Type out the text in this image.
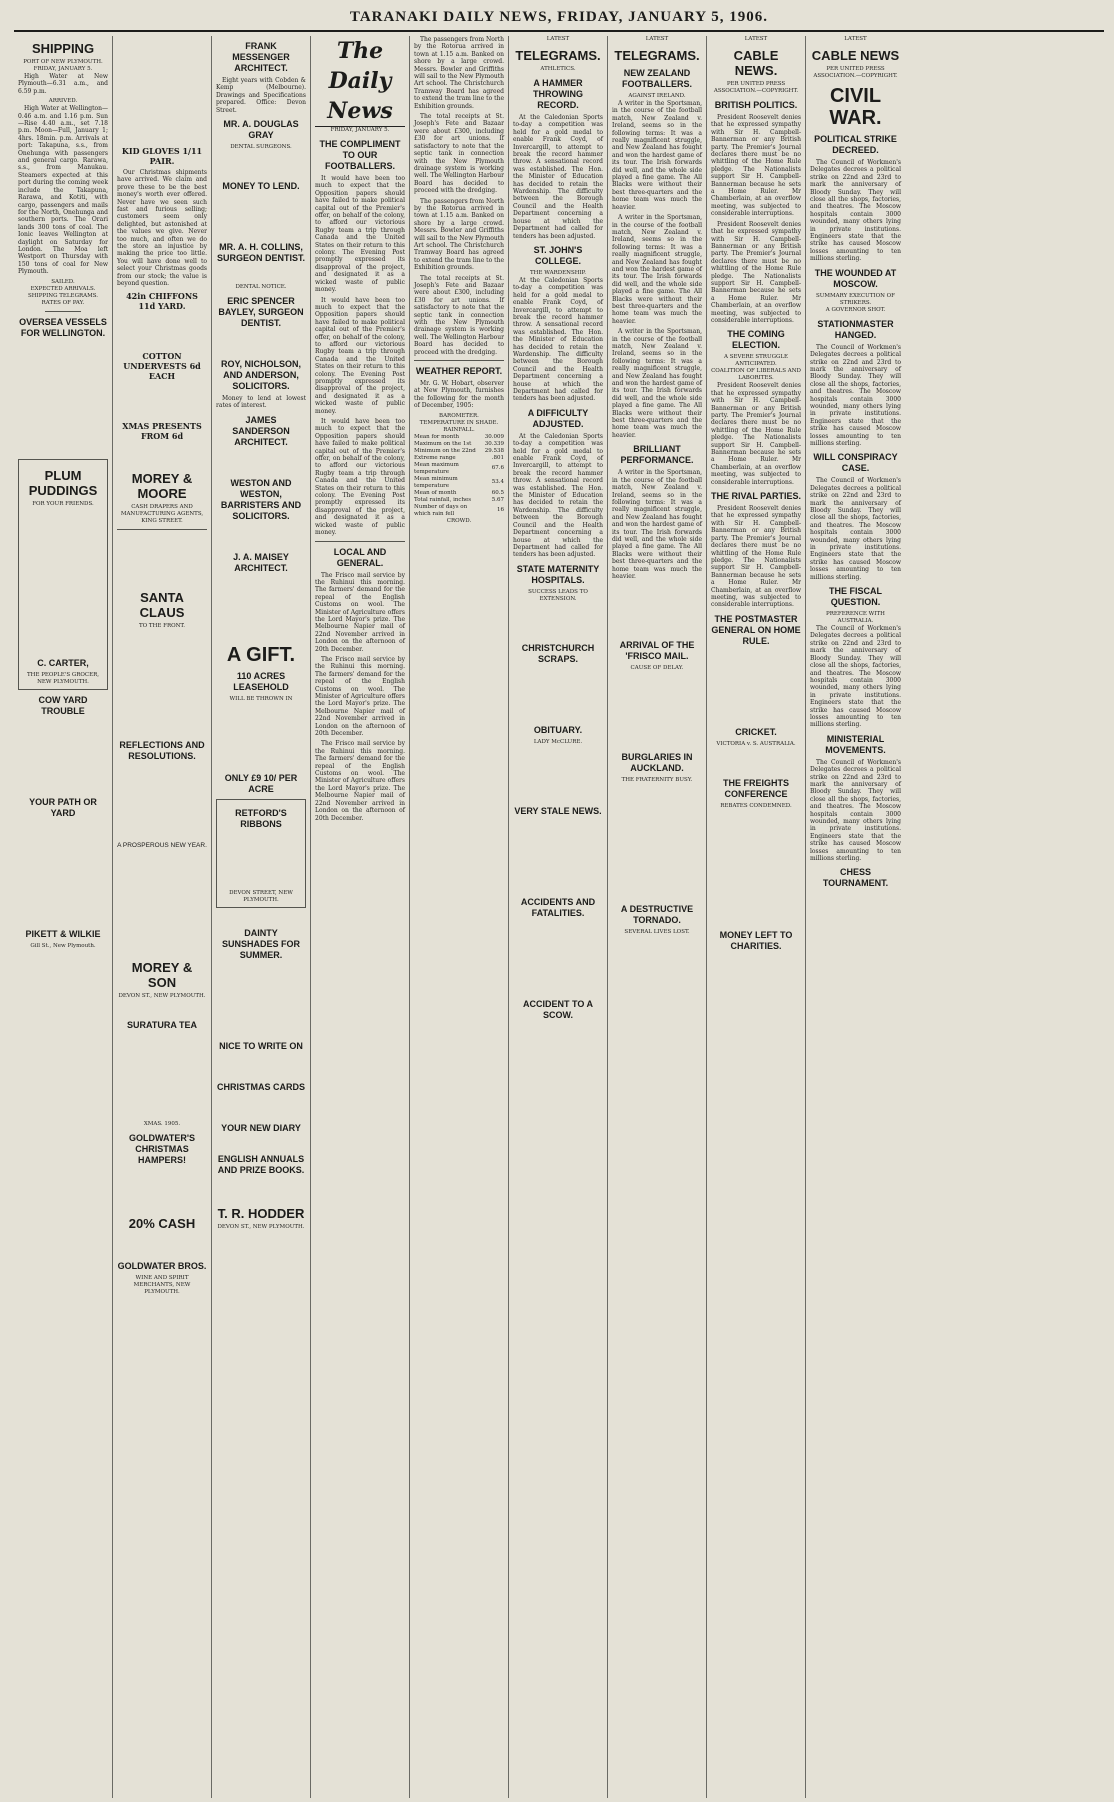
TARANAKI DAILY NEWS, FRIDAY, JANUARY 5, 1906.
SHIPPING
PORT OF NEW PLYMOUTH.
FRIDAY, JANUARY 5.

High Water at New Plymouth—6.31 a.m., and 6.59 p.m.

ARRIVED.

High Water at Wellington—0.46 a.m. and 1.16 p.m. Sun—Rise 4.40 a.m., set 7.18 p.m. Moon—Full, January 1; 4hrs. 18min. p.m. Arrivals at port: Takapuna, s.s., from Onehunga with passengers and general cargo. Rarawa, s.s., from Manukau. Steamers expected at this port during the coming week include the Takapuna, Rarawa, and Kotiti, with cargo, passengers and mails for the North, Onehunga and southern ports. The Orari lands 300 tons of coal. The Ionic leaves Wellington at daylight on Saturday for London. The Moa left Westport on Thursday with 150 tons of coal for New Plymouth.

SAILED.
EXPECTED ARRIVALS.
SHIPPING TELEGRAMS.
RATES OF PAY.
OVERSEA VESSELS FOR WELLINGTON.
PLUM PUDDINGS
FOR YOUR FRIENDS.
C. CARTER,
THE PEOPLE'S GROCER, NEW PLYMOUTH.
COW YARD TROUBLE
YOUR PATH OR YARD
PIKETT & WILKIE
Gill St., New Plymouth.
KID GLOVES 1/11 PAIR.

Our Christmas shipments have arrived. We claim and prove these to be the best money's worth ever offered. Never have we seen such fast and furious selling; customers seem only delighted, but astonished at the values we give. Never too much, and often we do the store an injustice by making the price too little. You will have done well to select your Christmas goods from our stock; the value is beyond question.

42in CHIFFONS 11d YARD.
COTTON UNDERVESTS 6d EACH
XMAS PRESENTS FROM 6d
MOREY & MOORE
CASH DRAPERS AND MANUFACTURING AGENTS, KING STREET.
SANTA CLAUS
TO THE FRONT.
REFLECTIONS AND RESOLUTIONS.
A PROSPEROUS NEW YEAR.
MOREY & SON
DEVON ST., NEW PLYMOUTH.
SURATURA TEA
XMAS. 1905.
GOLDWATER'S CHRISTMAS HAMPERS!
20% CASH
GOLDWATER BROS.
WINE AND SPIRIT MERCHANTS, NEW PLYMOUTH.
FRANK MESSENGER ARCHITECT.

Eight years with Cobden & Kemp (Melbourne). Drawings and Specifications prepared. Office: Devon Street.

MR. A. DOUGLAS GRAY
DENTAL SURGEONS.
MONEY TO LEND.
MR. A. H. COLLINS, SURGEON DENTIST.
DENTAL NOTICE.
ERIC SPENCER BAYLEY, SURGEON DENTIST.
ROY, NICHOLSON, AND ANDERSON, SOLICITORS.

Money to lend at lowest rates of interest.

JAMES SANDERSON ARCHITECT.
WESTON AND WESTON, BARRISTERS AND SOLICITORS.
J. A. MAISEY ARCHITECT.
A GIFT.
110 ACRES LEASEHOLD
WILL BE THROWN IN
ONLY £9 10/ PER ACRE
RETFORD'S RIBBONS
DEVON STREET, NEW PLYMOUTH.
DAINTY SUNSHADES FOR SUMMER.
NICE TO WRITE ON
CHRISTMAS CARDS
YOUR NEW DIARY
ENGLISH ANNUALS AND PRIZE BOOKS.
T. R. HODDER
DEVON ST., NEW PLYMOUTH.
The Daily News
FRIDAY, JANUARY 5.
THE COMPLIMENT TO OUR FOOTBALLERS.

It would have been too much to expect that the Opposition papers should have failed to make political capital out of the Premier's offer, on behalf of the colony, to afford our victorious Rugby team a trip through Canada and the United States on their return to this colony. The Evening Post promptly expressed its disapproval of the project, and designated it as a wicked waste of public money.

It would have been too much to expect that the Opposition papers should have failed to make political capital out of the Premier's offer, on behalf of the colony, to afford our victorious Rugby team a trip through Canada and the United States on their return to this colony. The Evening Post promptly expressed its disapproval of the project, and designated it as a wicked waste of public money.

It would have been too much to expect that the Opposition papers should have failed to make political capital out of the Premier's offer, on behalf of the colony, to afford our victorious Rugby team a trip through Canada and the United States on their return to this colony. The Evening Post promptly expressed its disapproval of the project, and designated it as a wicked waste of public money.

LOCAL AND GENERAL.

The Frisco mail service by the Ruhinui this morning. The farmers' demand for the repeal of the English Customs on wool. The Minister of Agriculture offers the Lord Mayor's prize. The Melbourne Napier mail of 22nd November arrived in London on the afternoon of 20th December.

The Frisco mail service by the Ruhinui this morning. The farmers' demand for the repeal of the English Customs on wool. The Minister of Agriculture offers the Lord Mayor's prize. The Melbourne Napier mail of 22nd November arrived in London on the afternoon of 20th December.

The Frisco mail service by the Ruhinui this morning. The farmers' demand for the repeal of the English Customs on wool. The Minister of Agriculture offers the Lord Mayor's prize. The Melbourne Napier mail of 22nd November arrived in London on the afternoon of 20th December.

The passengers from North by the Rotorua arrived in town at 1.15 a.m. Banked on shore by a large crowd. Messrs. Bowler and Griffiths will sail to the New Plymouth Art school. The Christchurch Tramway Board has agreed to extend the tram line to the Exhibition grounds.

The total receipts at St. Joseph's Fete and Bazaar were about £300, including £30 for art unions. If satisfactory to note that the septic tank in connection with the New Plymouth drainage system is working well. The Wellington Harbour Board has decided to proceed with the dredging.

The passengers from North by the Rotorua arrived in town at 1.15 a.m. Banked on shore by a large crowd. Messrs. Bowler and Griffiths will sail to the New Plymouth Art school. The Christchurch Tramway Board has agreed to extend the tram line to the Exhibition grounds.

The total receipts at St. Joseph's Fete and Bazaar were about £300, including £30 for art unions. If satisfactory to note that the septic tank in connection with the New Plymouth drainage system is working well. The Wellington Harbour Board has decided to proceed with the dredging.

WEATHER REPORT.

Mr. G. W. Hobart, observer at New Plymouth, furnishes the following for the month of December, 1905:

BAROMETER.
TEMPERATURE IN SHADE.
RAINFALL.
Mean for month	30.009
Maximum on the 1st	30.339
Minimum on the 22nd	29.538
Extreme range	.801
Mean maximum temperature	67.6
Mean minimum temperature	53.4
Mean of month	60.5
Total rainfall, inches	5.67
Number of days on which rain fell	16
CROWD.
LATEST
TELEGRAMS.
ATHLETICS.
A HAMMER THROWING RECORD.

At the Caledonian Sports to-day a competition was held for a gold medal to enable Frank Coyd, of Invercargill, to attempt to break the record hammer throw. A sensational record was established. The Hon. the Minister of Education has decided to retain the Wardenship. The difficulty between the Borough Council and the Health Department concerning a house at which the Department had called for tenders has been adjusted.

ST. JOHN'S COLLEGE.
THE WARDENSHIP.

At the Caledonian Sports to-day a competition was held for a gold medal to enable Frank Coyd, of Invercargill, to attempt to break the record hammer throw. A sensational record was established. The Hon. the Minister of Education has decided to retain the Wardenship. The difficulty between the Borough Council and the Health Department concerning a house at which the Department had called for tenders has been adjusted.

A DIFFICULTY ADJUSTED.

At the Caledonian Sports to-day a competition was held for a gold medal to enable Frank Coyd, of Invercargill, to attempt to break the record hammer throw. A sensational record was established. The Hon. the Minister of Education has decided to retain the Wardenship. The difficulty between the Borough Council and the Health Department concerning a house at which the Department had called for tenders has been adjusted.

STATE MATERNITY HOSPITALS.
SUCCESS LEADS TO EXTENSION.
CHRISTCHURCH SCRAPS.
OBITUARY.
LADY McCLURE.
VERY STALE NEWS.
ACCIDENTS AND FATALITIES.
ACCIDENT TO A SCOW.
LATEST
TELEGRAMS.
NEW ZEALAND FOOTBALLERS.
AGAINST IRELAND.

A writer in the Sportsman, in the course of the football match, New Zealand v. Ireland, seems so in the following terms: It was a really magnificent struggle, and New Zealand has fought and won the hardest game of its tour. The Irish forwards did well, and the whole side played a fine game. The All Blacks were without their best three-quarters and the home team was much the heavier.

A writer in the Sportsman, in the course of the football match, New Zealand v. Ireland, seems so in the following terms: It was a really magnificent struggle, and New Zealand has fought and won the hardest game of its tour. The Irish forwards did well, and the whole side played a fine game. The All Blacks were without their best three-quarters and the home team was much the heavier.

A writer in the Sportsman, in the course of the football match, New Zealand v. Ireland, seems so in the following terms: It was a really magnificent struggle, and New Zealand has fought and won the hardest game of its tour. The Irish forwards did well, and the whole side played a fine game. The All Blacks were without their best three-quarters and the home team was much the heavier.

BRILLIANT PERFORMANCE.

A writer in the Sportsman, in the course of the football match, New Zealand v. Ireland, seems so in the following terms: It was a really magnificent struggle, and New Zealand has fought and won the hardest game of its tour. The Irish forwards did well, and the whole side played a fine game. The All Blacks were without their best three-quarters and the home team was much the heavier.

ARRIVAL OF THE 'FRISCO MAIL.
CAUSE OF DELAY.
BURGLARIES IN AUCKLAND.
THE FRATERNITY BUSY.
A DESTRUCTIVE TORNADO.
SEVERAL LIVES LOST.
LATEST
CABLE NEWS.
PER UNITED PRESS ASSOCIATION.—COPYRIGHT.
BRITISH POLITICS.

President Roosevelt denies that he expressed sympathy with Sir H. Campbell-Bannerman or any British party. The Premier's Journal declares there must be no whittling of the Home Rule pledge. The Nationalists support Sir H. Campbell-Bannerman because he sets a Home Ruler. Mr Chamberlain, at an overflow meeting, was subjected to considerable interruptions.

President Roosevelt denies that he expressed sympathy with Sir H. Campbell-Bannerman or any British party. The Premier's Journal declares there must be no whittling of the Home Rule pledge. The Nationalists support Sir H. Campbell-Bannerman because he sets a Home Ruler. Mr Chamberlain, at an overflow meeting, was subjected to considerable interruptions.

THE COMING ELECTION.
A SEVERE STRUGGLE ANTICIPATED.
COALITION OF LIBERALS AND LABORITES.

President Roosevelt denies that he expressed sympathy with Sir H. Campbell-Bannerman or any British party. The Premier's Journal declares there must be no whittling of the Home Rule pledge. The Nationalists support Sir H. Campbell-Bannerman because he sets a Home Ruler. Mr Chamberlain, at an overflow meeting, was subjected to considerable interruptions.

THE RIVAL PARTIES.

President Roosevelt denies that he expressed sympathy with Sir H. Campbell-Bannerman or any British party. The Premier's Journal declares there must be no whittling of the Home Rule pledge. The Nationalists support Sir H. Campbell-Bannerman because he sets a Home Ruler. Mr Chamberlain, at an overflow meeting, was subjected to considerable interruptions.

THE POSTMASTER GENERAL ON HOME RULE.
CRICKET.
VICTORIA v. S. AUSTRALIA.
THE FREIGHTS CONFERENCE
REBATES CONDEMNED.
MONEY LEFT TO CHARITIES.
LATEST
CABLE NEWS
PER UNITED PRESS ASSOCIATION.—COPYRIGHT.
CIVIL WAR.
POLITICAL STRIKE DECREED.

The Council of Workmen's Delegates decrees a political strike on 22nd and 23rd to mark the anniversary of Bloody Sunday. They will close all the shops, factories, and theatres. The Moscow hospitals contain 3000 wounded, many others lying in private institutions. Engineers state that the strike has caused Moscow losses amounting to ten millions sterling.

THE WOUNDED AT MOSCOW.
SUMMARY EXECUTION OF STRIKERS.
A GOVERNOR SHOT.
STATIONMASTER HANGED.

The Council of Workmen's Delegates decrees a political strike on 22nd and 23rd to mark the anniversary of Bloody Sunday. They will close all the shops, factories, and theatres. The Moscow hospitals contain 3000 wounded, many others lying in private institutions. Engineers state that the strike has caused Moscow losses amounting to ten millions sterling.

WILL CONSPIRACY CASE.

The Council of Workmen's Delegates decrees a political strike on 22nd and 23rd to mark the anniversary of Bloody Sunday. They will close all the shops, factories, and theatres. The Moscow hospitals contain 3000 wounded, many others lying in private institutions. Engineers state that the strike has caused Moscow losses amounting to ten millions sterling.

THE FISCAL QUESTION.
PREFERENCE WITH AUSTRALIA.

The Council of Workmen's Delegates decrees a political strike on 22nd and 23rd to mark the anniversary of Bloody Sunday. They will close all the shops, factories, and theatres. The Moscow hospitals contain 3000 wounded, many others lying in private institutions. Engineers state that the strike has caused Moscow losses amounting to ten millions sterling.

MINISTERIAL MOVEMENTS.

The Council of Workmen's Delegates decrees a political strike on 22nd and 23rd to mark the anniversary of Bloody Sunday. They will close all the shops, factories, and theatres. The Moscow hospitals contain 3000 wounded, many others lying in private institutions. Engineers state that the strike has caused Moscow losses amounting to ten millions sterling.

CHESS TOURNAMENT.
